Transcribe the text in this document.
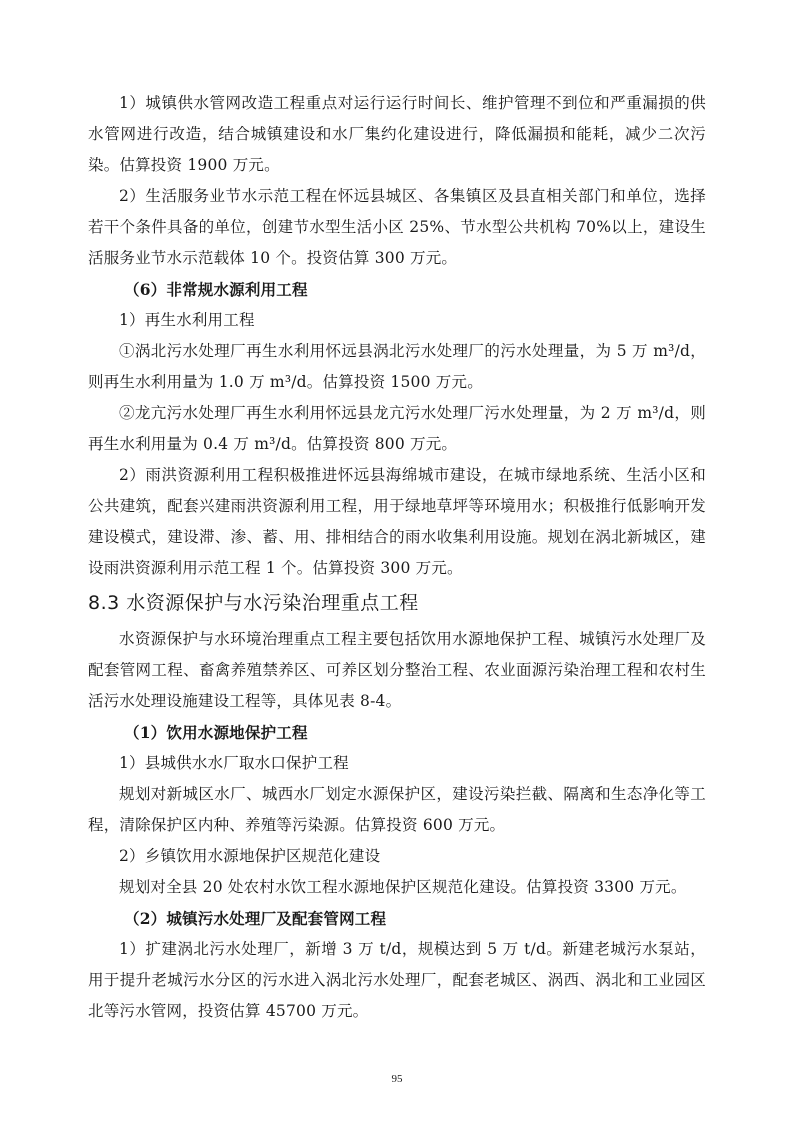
1）城镇供水管网改造工程重点对运行运行时间长、维护管理不到位和严重漏损的供水管网进行改造，结合城镇建设和水厂集约化建设进行，降低漏损和能耗，减少二次污染。估算投资 1900 万元。

2）生活服务业节水示范工程在怀远县城区、各集镇区及县直相关部门和单位，选择若干个条件具备的单位，创建节水型生活小区 25%、节水型公共机构 70%以上，建设生活服务业节水示范载体 10 个。投资估算 300 万元。

（6）非常规水源利用工程

1）再生水利用工程

①涡北污水处理厂再生水利用怀远县涡北污水处理厂的污水处理量，为 5 万 m³/d，则再生水利用量为 1.0 万 m³/d。估算投资 1500 万元。

②龙亢污水处理厂再生水利用怀远县龙亢污水处理厂污水处理量，为 2 万 m³/d，则再生水利用量为 0.4 万 m³/d。估算投资 800 万元。

2）雨洪资源利用工程积极推进怀远县海绵城市建设，在城市绿地系统、生活小区和公共建筑，配套兴建雨洪资源利用工程，用于绿地草坪等环境用水；积极推行低影响开发建设模式，建设滞、渗、蓄、用、排相结合的雨水收集利用设施。规划在涡北新城区，建设雨洪资源利用示范工程 1 个。估算投资 300 万元。

8.3 水资源保护与水污染治理重点工程

水资源保护与水环境治理重点工程主要包括饮用水源地保护工程、城镇污水处理厂及配套管网工程、畜禽养殖禁养区、可养区划分整治工程、农业面源污染治理工程和农村生活污水处理设施建设工程等，具体见表 8-4。

（1）饮用水源地保护工程

1）县城供水水厂取水口保护工程

规划对新城区水厂、城西水厂划定水源保护区，建设污染拦截、隔离和生态净化等工程，清除保护区内种、养殖等污染源。估算投资 600 万元。

2）乡镇饮用水源地保护区规范化建设

规划对全县 20 处农村水饮工程水源地保护区规范化建设。估算投资 3300 万元。

（2）城镇污水处理厂及配套管网工程

1）扩建涡北污水处理厂，新增 3 万 t/d，规模达到 5 万 t/d。新建老城污水泵站，用于提升老城污水分区的污水进入涡北污水处理厂，配套老城区、涡西、涡北和工业园区北等污水管网，投资估算 45700 万元。

95
